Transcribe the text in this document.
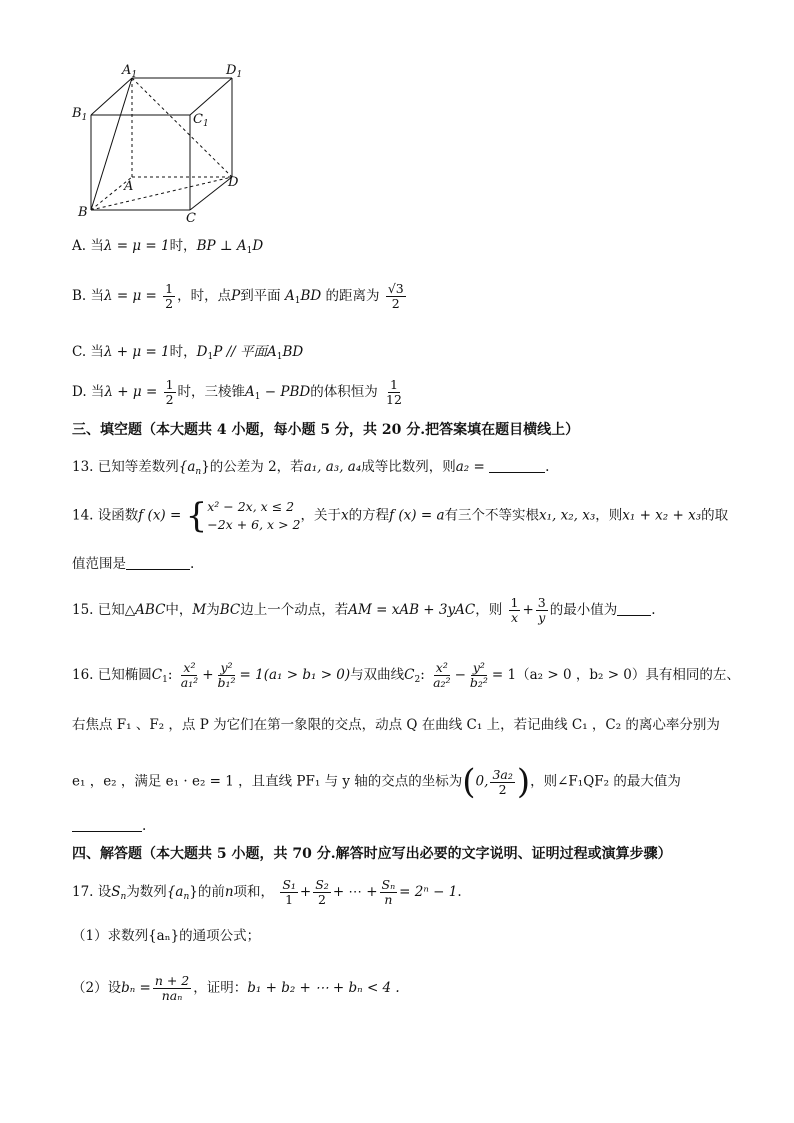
$A_1$	$D_1$
$B_1$	$C_1$
A	D
B	C
A. 当λ = μ = 1时，BP ⊥ $A_1D$
B. 当$\lambda = \mu = \frac{1}{2}$ ，时，点P到平面 $A_1BD$ 的距离为 $\frac{√3}{2}$
C. 当λ + μ = 1时，$D_1P$ // 平面$A_1BD$
D. 当$\lambda + \mu = \frac{1}{2}$ 时，三棱锥$A_1$ − PBD的体积恒为 $\frac{1}{12}$
三、填空题（本大题共 4 小题，每小题 5 分，共 20 分.把答案填在题目横线上）
13. 已知等差数列$\{a_n\}$的公差为 2，若a₁, a₃, a₄成等比数列，则a₂ =	.
14. 设函数f (x) = { x² − 2x, x ≤ 2
−2x + 6, x > 2
，关于x的方程f (x) = a有三个不等实根x₁, x₂, x₃，则x₁ + x₂ + x₃的取
值范围是	.
15. 已知△ABC中，M为BC边上一个动点，若AM = xAB + 3yAC，则 $\frac{1}{x} + \frac{3}{y}$ 的最小值为	.
16. 已知椭圆$C_1$: $\frac{\text{x²}}{\text{a₁²}} + \frac{\text{y²}}{\text{b₁²}} = 1(a_1 > b_1 > 0)$与双曲线$C_2$: $\frac{\text{x²}}{\text{a₂²}} - \frac{\text{y²}}{\text{b₂²}} = 1(a_2 > 0$ ，b₂ > 0）具有相同的左、
右焦点 F₁ 、F₂ ，点 P 为它们在第一象限的交点，动点 Q 在曲线 C₁ 上，若记曲线 C₁ ，C₂ 的离心率分别为
e₁ ，e₂ ，满足 e₁ · e₂ = 1 ，且直线 PF₁ 与 y 轴的交点的坐标为(0, $\frac{\text{3a₂}}{2}$ )，则∠F₁QF₂ 的最大值为
.
四、解答题（本大题共 5 小题，共 70 分.解答时应写出必要的文字说明、证明过程或演算步骤）
17. 设$S_n$为数列$\{a_n\}$的前n项和， $\frac{\text{S₁}}{1} + \frac{\text{S₂}}{2}$ + ⋯ + $\frac{\text{Sₙ}}{n} = 2^n - 1$.
（1）求数列{aₙ}的通项公式；
（2）设$b_n = \frac{n + 2}{\text{naₙ}}$ ，证明：b₁ + b₂ + ⋯ + bₙ < 4 .
